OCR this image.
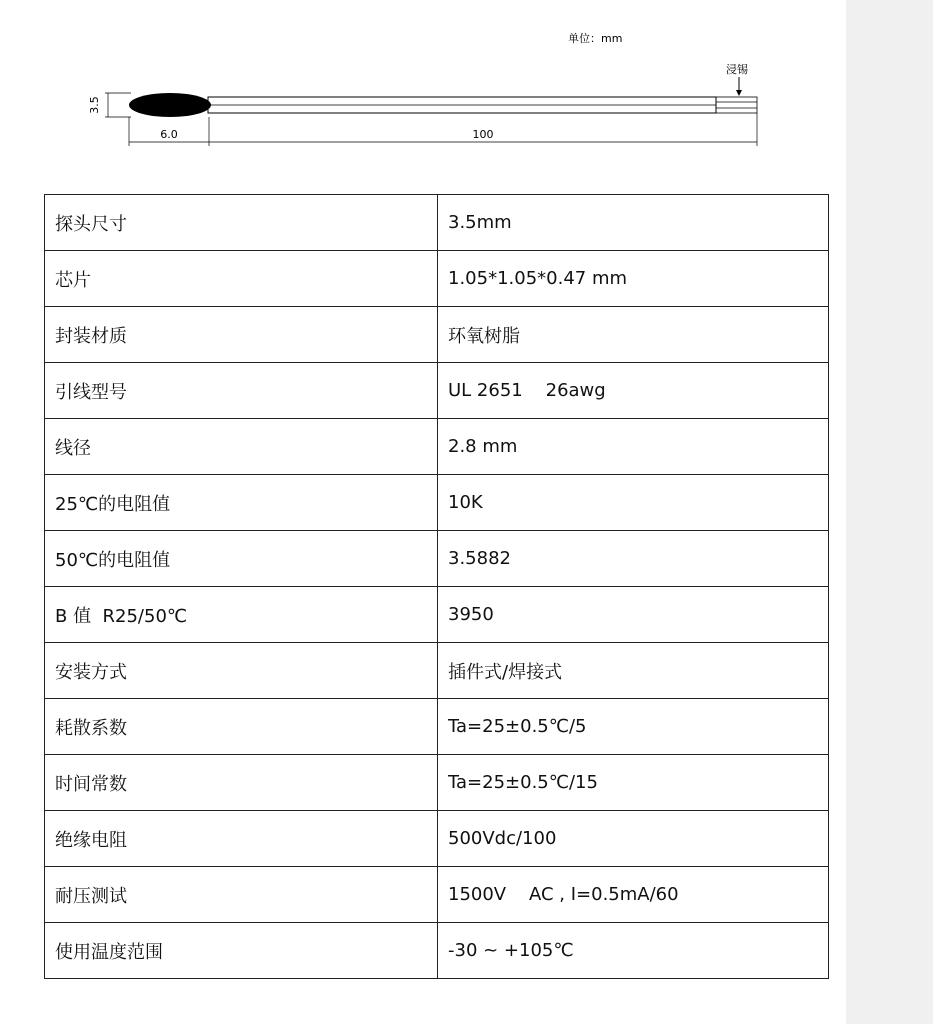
单位：mm
浸锡
3.5
6.0	100
探头尺寸	3.5mm
芯片	1.05*1.05*0.47 mm
封装材质	环氧树脂
引线型号	UL 2651    26awg
线径	2.8 mm
25℃的电阻值	10K
50℃的电阻值	3.5882
B 值  R25/50℃	3950
安装方式	插件式/焊接式
耗散系数	Ta=25±0.5℃/5
时间常数	Ta=25±0.5℃/15
绝缘电阻	500Vdc/100
耐压测试	1500V    AC , I=0.5mA/60
使用温度范围	-30 ~ +105℃
